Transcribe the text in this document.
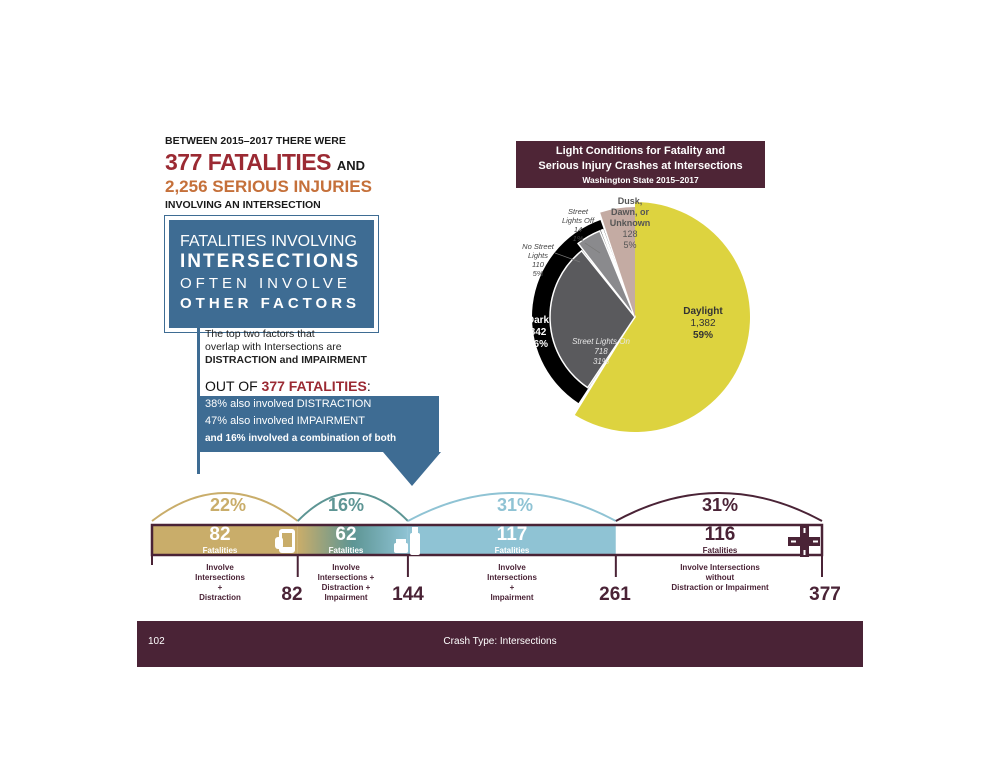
BETWEEN 2015–2017 THERE WERE
377 FATALITIES AND
2,256 SERIOUS INJURIES
INVOLVING AN INTERSECTION
FATALITIES INVOLVING
INTERSECTIONS
OFTEN INVOLVE
OTHER FACTORS
The top two factors that
overlap with Intersections are
DISTRACTION and IMPAIRMENT
OUT OF 377 FATALITIES:
38% also involved DISTRACTION
47% also involved IMPAIRMENT
and 16% involved a combination of both
Light Conditions for Fatality and
Serious Injury Crashes at Intersections
Washington State 2015–2017
Daylight
1,382
59%
Dark
842
36%	Street Lights On
718
31%
No Street
Lights
110
5%
Street
Lights Off
14
1%
Dusk,
Dawn, or
Unknown
128
5%
22%	16%	31%	31%
82
Fatalities
62
Fatalities
117
Fatalities
116
Fatalities
Involve
Intersections
+
Distraction
Involve
Intersections +
Distraction +
Impairment
Involve
Intersections
+
Impairment
Involve Intersections
without
Distraction or Impairment
82	144	261	377
102	Crash Type: Intersections
